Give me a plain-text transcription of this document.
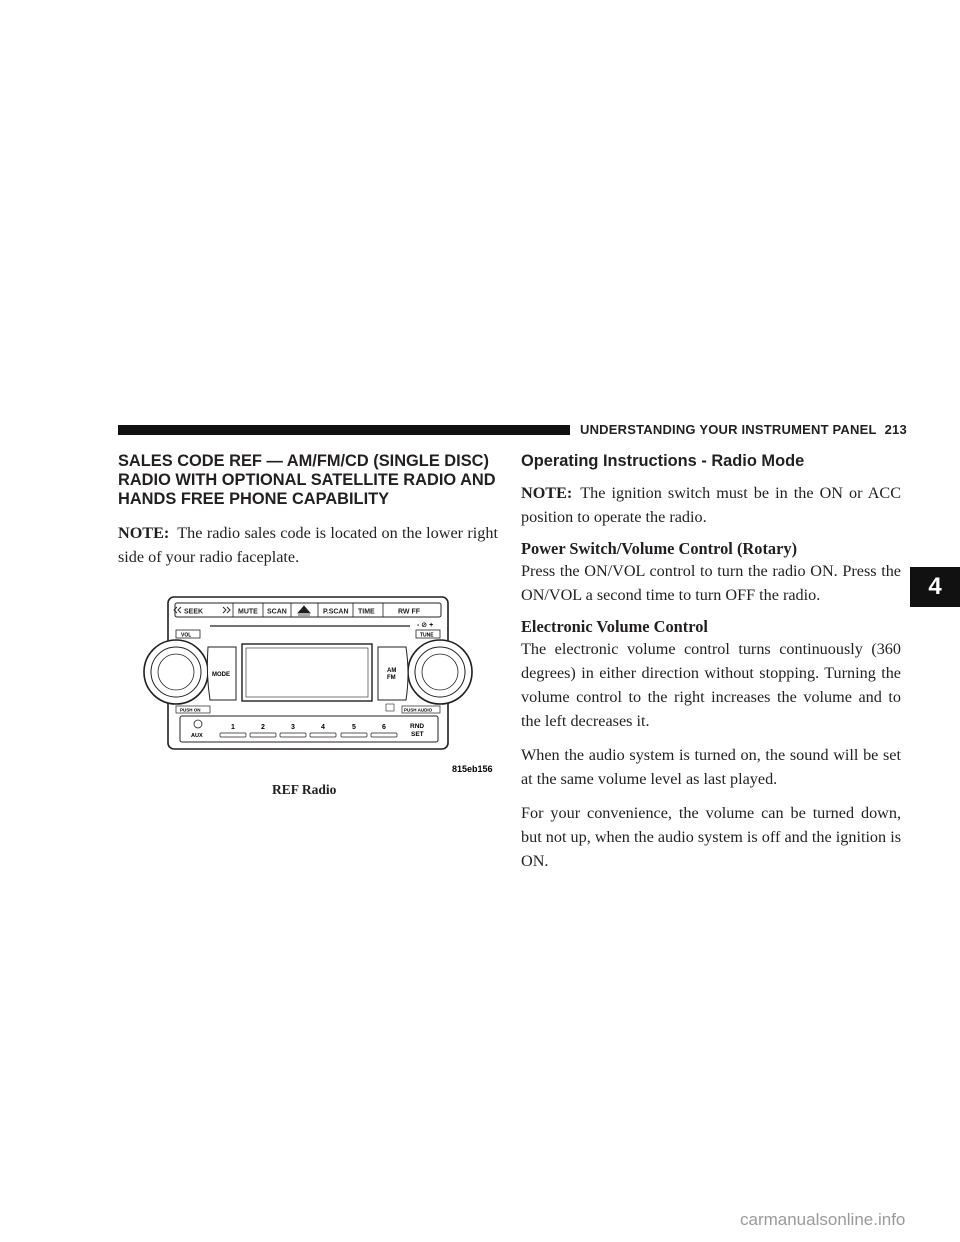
UNDERSTANDING YOUR INSTRUMENT PANEL 213
4
SALES CODE REF — AM/FM/CD (SINGLE DISC)
RADIO WITH OPTIONAL SATELLITE RADIO AND
HANDS FREE PHONE CAPABILITY

NOTE: The radio sales code is located on the lower right side of your radio faceplate.

SEEK	MUTE SCAN	P.SCAN TIME	RW FF
VOL	TUNE
- ⊘ +
MODE
AM
FM
PUSH ON	PUSH AUDIO
AUX
1	2	3	4	5	6	RND
SET
815eb156
REF Radio
Operating Instructions - Radio Mode

NOTE: The ignition switch must be in the ON or ACC position to operate the radio.

Power Switch/Volume Control (Rotary)

Press the ON/VOL control to turn the radio ON. Press the ON/VOL a second time to turn OFF the radio.

Electronic Volume Control

The electronic volume control turns continuously (360 degrees) in either direction without stopping. Turning the volume control to the right increases the volume and to the left decreases it.

When the audio system is turned on, the sound will be set at the same volume level as last played.

For your convenience, the volume can be turned down, but not up, when the audio system is off and the ignition is ON.

carmanualsonline.info
